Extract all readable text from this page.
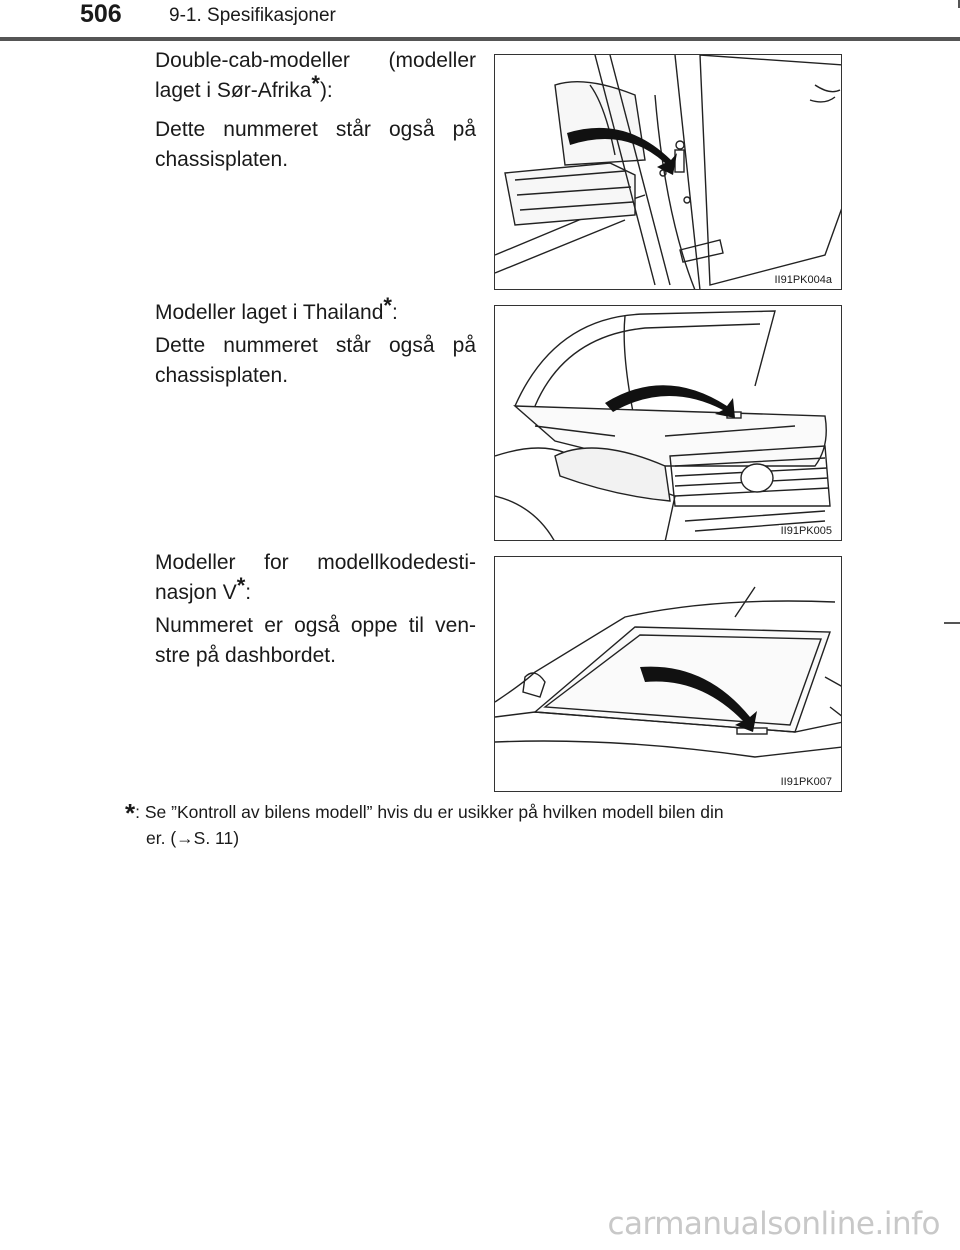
506 9-1. Spesifikasjoner

Double-cab-modeller (modeller
laget i Sør-Afrika*):

Dette nummeret står også på
chassisplaten.

II91PK004a

Modeller laget i Thailand*:

Dette nummeret står også på
chassisplaten.

II91PK005

Modeller for modellkodedesti-
nasjon V*:

Nummeret er også oppe til ven-
stre på dashbordet.

II91PK007
*: Se ”Kontroll av bilens modell” hvis du er usikker på hvilken modell bilen din
er. (→S. 11)
carmanualsonline.info
